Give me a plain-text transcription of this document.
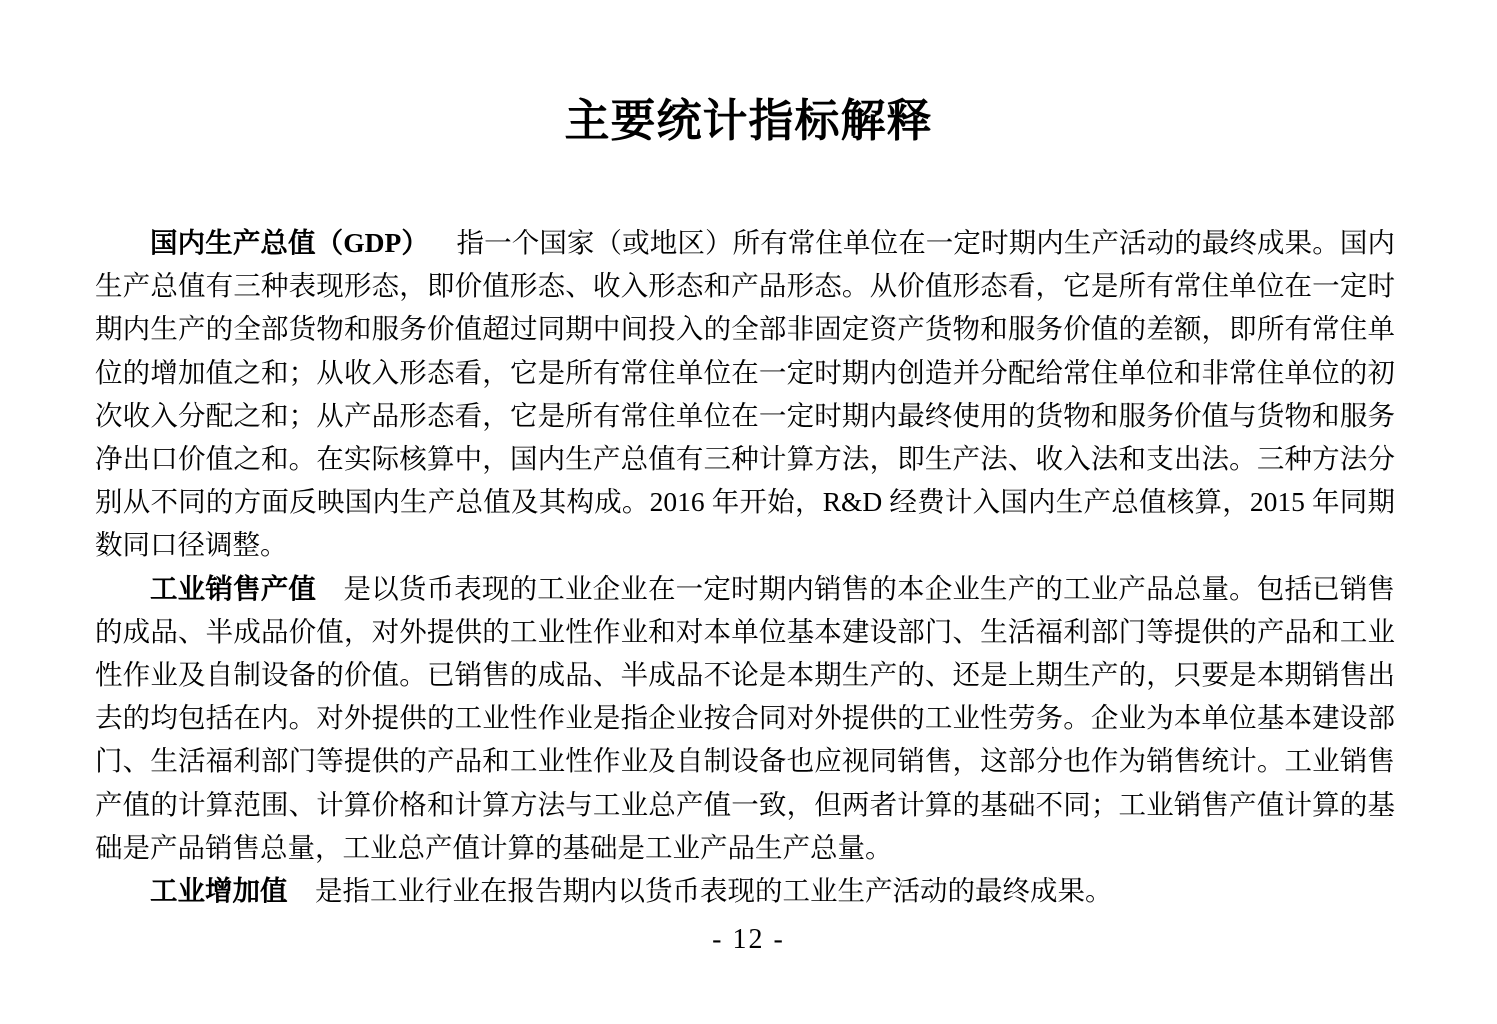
主要统计指标解释

国内生产总值（GDP） 指一个国家（或地区）所有常住单位在一定时期内生产活动的最终成果。国内生产总值有三种表现形态，即价值形态、收入形态和产品形态。从价值形态看，它是所有常住单位在一定时期内生产的全部货物和服务价值超过同期中间投入的全部非固定资产货物和服务价值的差额，即所有常住单位的增加值之和；从收入形态看，它是所有常住单位在一定时期内创造并分配给常住单位和非常住单位的初次收入分配之和；从产品形态看，它是所有常住单位在一定时期内最终使用的货物和服务价值与货物和服务净出口价值之和。在实际核算中，国内生产总值有三种计算方法，即生产法、收入法和支出法。三种方法分别从不同的方面反映国内生产总值及其构成。2016 年开始，R&D 经费计入国内生产总值核算，2015 年同期数同口径调整。

工业销售产值 是以货币表现的工业企业在一定时期内销售的本企业生产的工业产品总量。包括已销售的成品、半成品价值，对外提供的工业性作业和对本单位基本建设部门、生活福利部门等提供的产品和工业性作业及自制设备的价值。已销售的成品、半成品不论是本期生产的、还是上期生产的，只要是本期销售出去的均包括在内。对外提供的工业性作业是指企业按合同对外提供的工业性劳务。企业为本单位基本建设部门、生活福利部门等提供的产品和工业性作业及自制设备也应视同销售，这部分也作为销售统计。工业销售产值的计算范围、计算价格和计算方法与工业总产值一致，但两者计算的基础不同；工业销售产值计算的基础是产品销售总量，工业总产值计算的基础是工业产品生产总量。

工业增加值 是指工业行业在报告期内以货币表现的工业生产活动的最终成果。

- 12 -
